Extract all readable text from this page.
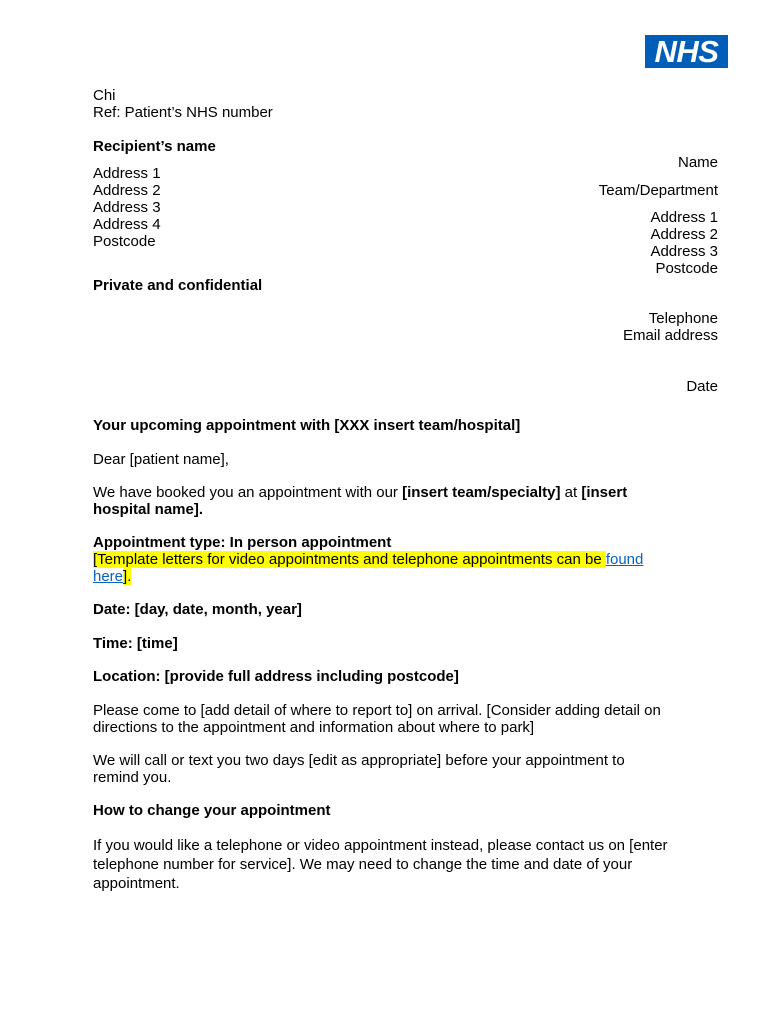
NHS
Chi
Ref: Patient’s NHS number
Recipient’s name
Address 1
Address 2
Address 3
Address 4
Postcode
Private and confidential
Name
Team/Department
Address 1
Address 2
Address 3
Postcode
Telephone
Email address
Date
Your upcoming appointment with [XXX insert team/hospital]
Dear [patient name],
We have booked you an appointment with our [insert team/specialty] at [insert hospital name].
Appointment type: In person appointment
[Template letters for video appointments and telephone appointments can be found here].
Date: [day, date, month, year]
Time: [time]
Location: [provide full address including postcode]
Please come to [add detail of where to report to] on arrival. [Consider adding detail on directions to the appointment and information about where to park]
We will call or text you two days [edit as appropriate] before your appointment to remind you.
How to change your appointment
If you would like a telephone or video appointment instead, please contact us on [enter telephone number for service]. We may need to change the time and date of your appointment.
